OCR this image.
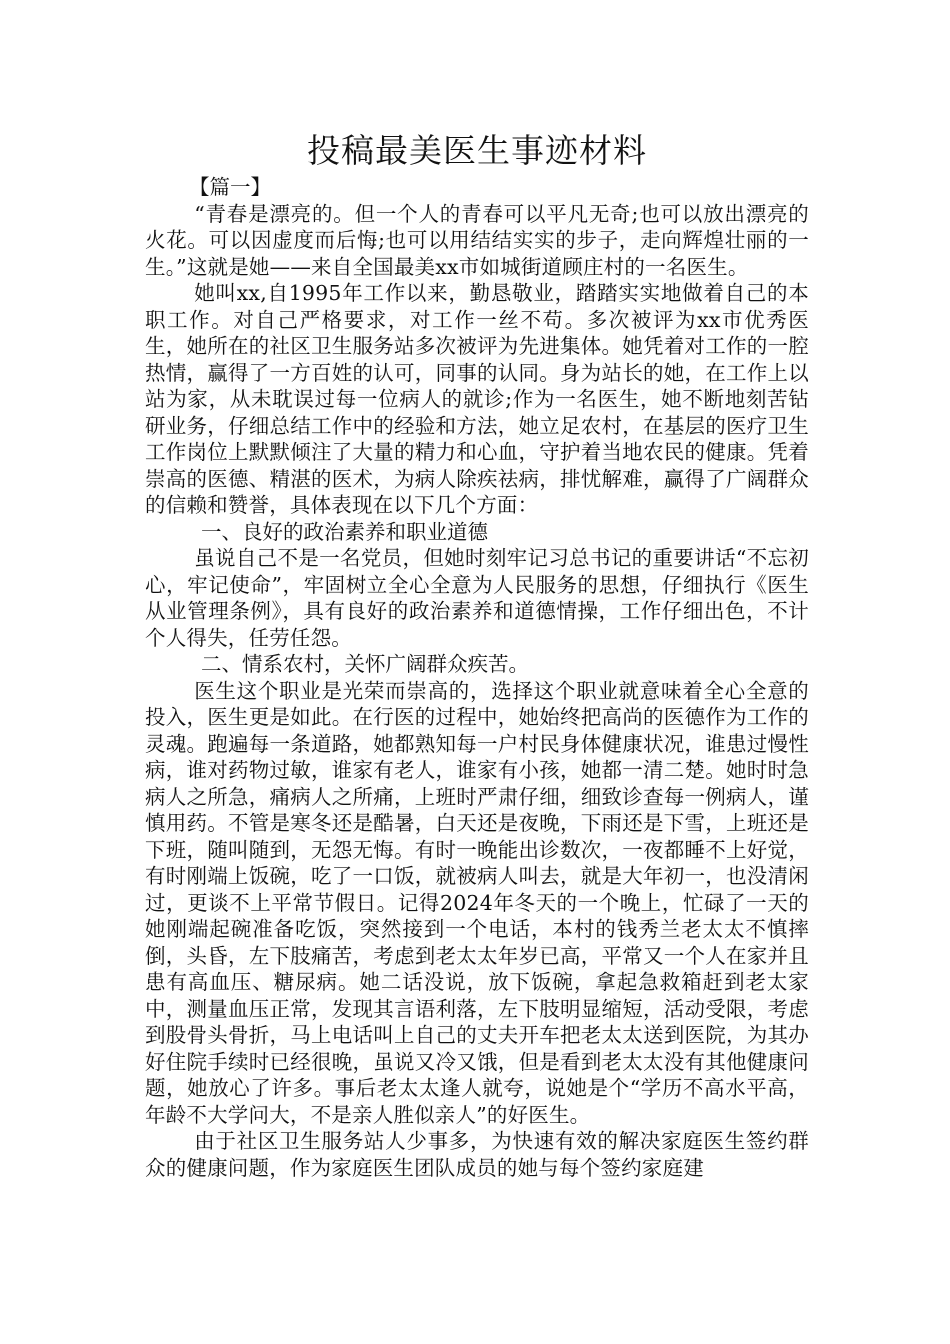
投稿最美医生事迹材料

【篇一】

“青春是漂亮的。但一个人的青春可以平凡无奇;也可以放出漂亮的火花。可以因虚度而后悔;也可以用结结实实的步子，走向辉煌壮丽的一生。”这就是她——来自全国最美xx市如城街道顾庄村的一名医生。

她叫xx,自1995年工作以来，勤恳敬业，踏踏实实地做着自己的本职工作。对自己严格要求，对工作一丝不苟。多次被评为xx市优秀医生，她所在的社区卫生服务站多次被评为先进集体。她凭着对工作的一腔热情，赢得了一方百姓的认可，同事的认同。身为站长的她，在工作上以站为家，从未耽误过每一位病人的就诊;作为一名医生，她不断地刻苦钻研业务，仔细总结工作中的经验和方法，她立足农村，在基层的医疗卫生工作岗位上默默倾注了大量的精力和心血，守护着当地农民的健康。凭着崇高的医德、精湛的医术，为病人除疾祛病，排忧解难，赢得了广阔群众的信赖和赞誉，具体表现在以下几个方面：

一、良好的政治素养和职业道德

虽说自己不是一名党员，但她时刻牢记习总书记的重要讲话“不忘初心，牢记使命”，牢固树立全心全意为人民服务的思想，仔细执行《医生从业管理条例》，具有良好的政治素养和道德情操，工作仔细出色，不计个人得失，任劳任怨。

二、情系农村，关怀广阔群众疾苦。

医生这个职业是光荣而崇高的，选择这个职业就意味着全心全意的投入，医生更是如此。在行医的过程中，她始终把高尚的医德作为工作的灵魂。跑遍每一条道路，她都熟知每一户村民身体健康状况，谁患过慢性病，谁对药物过敏，谁家有老人，谁家有小孩，她都一清二楚。她时时急病人之所急，痛病人之所痛，上班时严肃仔细，细致诊查每一例病人，谨慎用药。不管是寒冬还是酷暑，白天还是夜晚，下雨还是下雪，上班还是下班，随叫随到，无怨无悔。有时一晚能出诊数次，一夜都睡不上好觉，有时刚端上饭碗，吃了一口饭，就被病人叫去，就是大年初一，也没清闲过，更谈不上平常节假日。记得2024年冬天的一个晚上，忙碌了一天的她刚端起碗准备吃饭，突然接到一个电话，本村的钱秀兰老太太不慎摔倒，头昏，左下肢痛苦，考虑到老太太年岁已高，平常又一个人在家并且患有高血压、糖尿病。她二话没说，放下饭碗，拿起急救箱赶到老太家中，测量血压正常，发现其言语利落，左下肢明显缩短，活动受限，考虑到股骨头骨折，马上电话叫上自己的丈夫开车把老太太送到医院，为其办好住院手续时已经很晚，虽说又冷又饿，但是看到老太太没有其他健康问题，她放心了许多。事后老太太逢人就夸，说她是个“学历不高水平高，年龄不大学问大，不是亲人胜似亲人”的好医生。

由于社区卫生服务站人少事多，为快速有效的解决家庭医生签约群众的健康问题，作为家庭医生团队成员的她与每个签约家庭建
